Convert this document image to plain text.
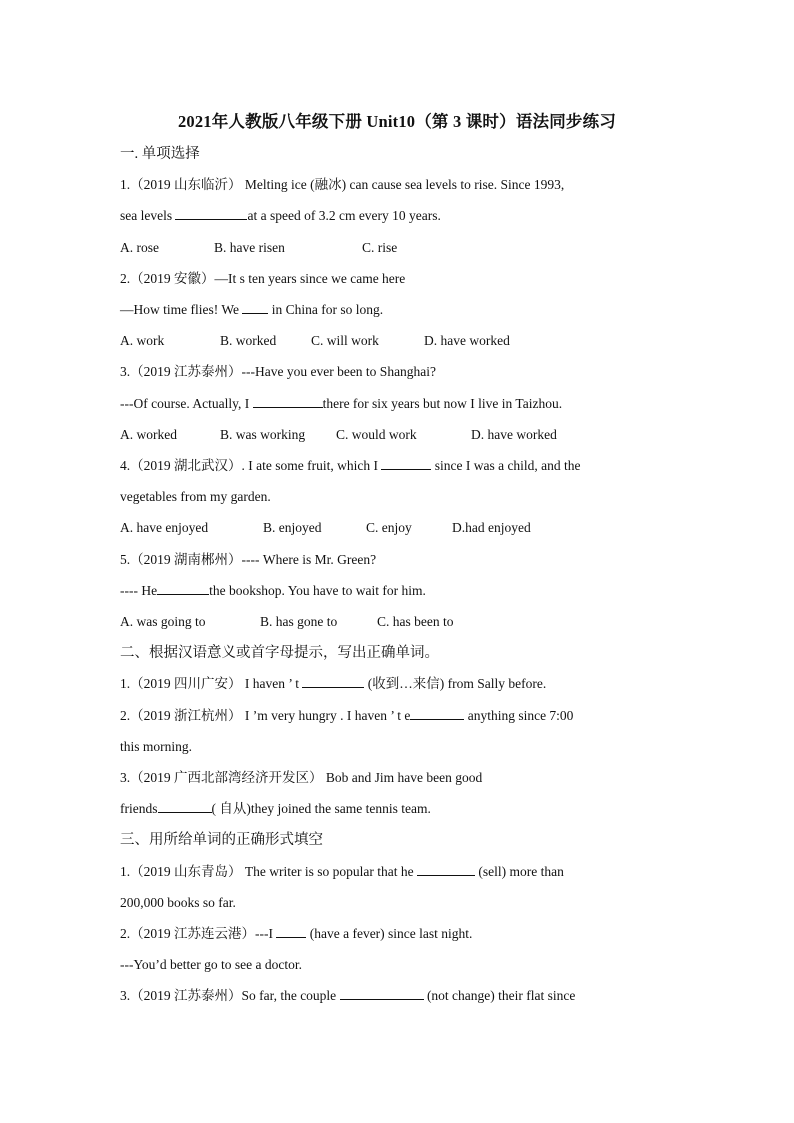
2021年人教版八年级下册 Unit10（第 3 课时）语法同步练习
一. 单项选择
1.（2019 山东临沂） Melting ice (融冰) can cause sea levels to rise. Since 1993,
sea levels	at a speed of 3.2 cm every 10 years.
A. rose	B. have risen	C. rise
2.（2019 安徽）—It s ten years since we came here
—How time flies! We  in China for so long.
A. work	B. worked	C. will work	D. have worked
3.（2019 江苏泰州）---Have you ever been to Shanghai?
---Of course. Actually, I	there for six years but now I live in Taizhou.
A. worked	B. was working C. would work	D. have worked
4.（2019 湖北武汉）. I ate some fruit, which I	since I was a child, and the
vegetables from my garden.
A. have enjoyed	B. enjoyed	C. enjoy	D.had enjoyed
5.（2019 湖南郴州）---- Where is Mr. Green?
---- He	the bookshop. You have to wait for him.
A. was going to	B. has gone to	C. has been to
二、根据汉语意义或首字母提示，写出正确单词。
1.（2019 四川广安） I haven ’ t	(收到…来信) from Sally before.
2.（2019 浙江杭州） I ’m very hungry . I haven ’ t e	anything since 7:00
this morning.
3.（2019 广西北部湾经济开发区） Bob and Jim have been good
friends	( 自从)they joined the same tennis team.
三、用所给单词的正确形式填空
1.（2019 山东青岛） The writer is so popular that he	(sell) more than
200,000 books so far.
2.（2019 江苏连云港）---I  (have a fever) since last night.
---You’d better go to see a doctor.
3.（2019 江苏泰州）So far, the couple	(not change) their flat since
